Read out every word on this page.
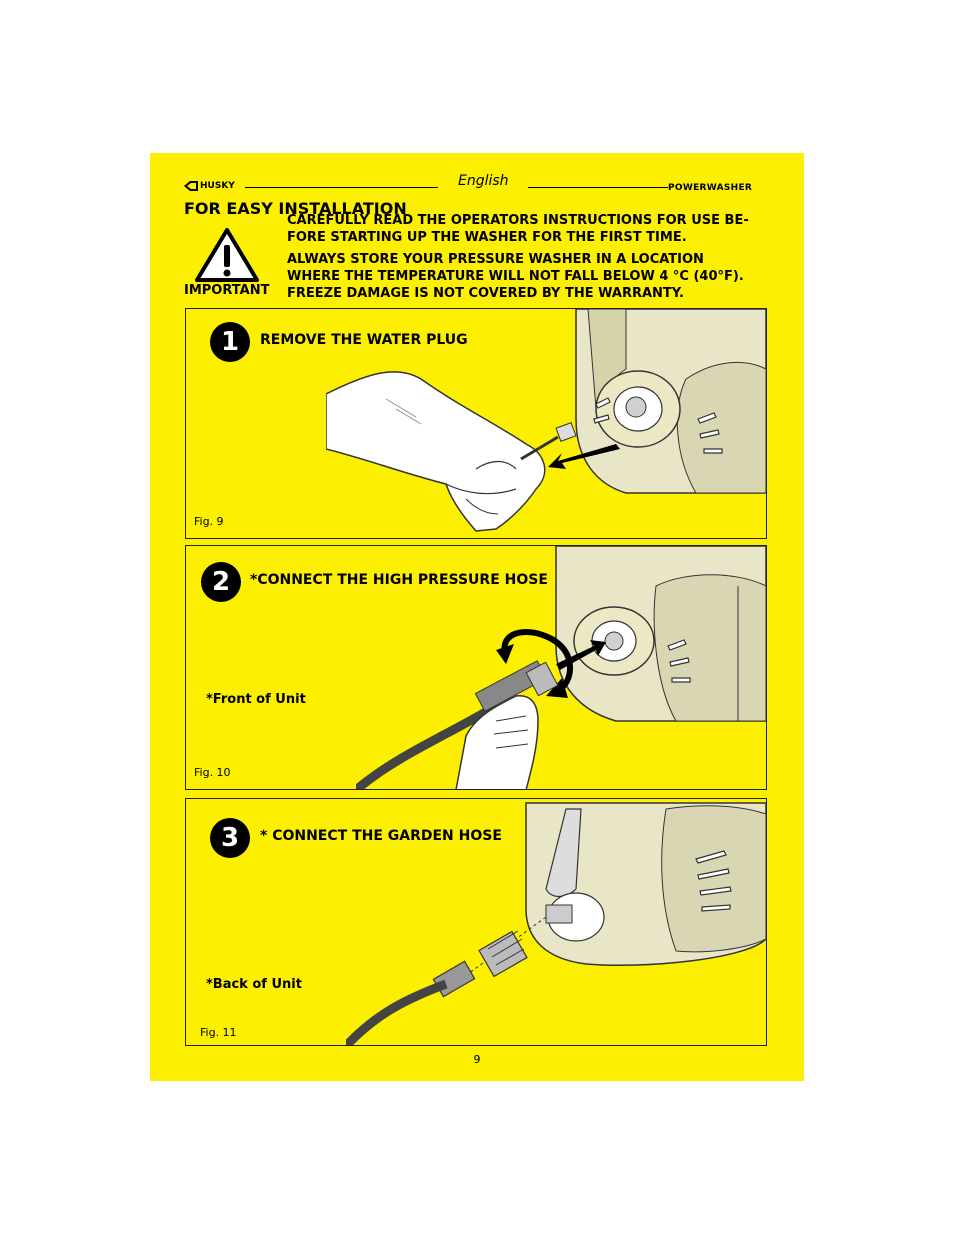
HUSKY	English	POWERWASHER
FOR EASY INSTALLATION
CAREFULLY READ THE OPERATORS INSTRUCTIONS FOR USE BE-
FORE STARTING UP THE WASHER FOR THE FIRST TIME.
ALWAYS STORE YOUR PRESSURE WASHER IN A LOCATION
WHERE THE TEMPERATURE WILL NOT FALL BELOW 4 °C (40°F).
FREEZE DAMAGE IS NOT COVERED BY THE WARRANTY.
IMPORTANT
1	REMOVE THE WATER PLUG
Fig. 9
2	*CONNECT THE HIGH PRESSURE HOSE
*Front of Unit
Fig. 10
3	* CONNECT THE GARDEN HOSE
*Back of Unit
Fig. 11
9
